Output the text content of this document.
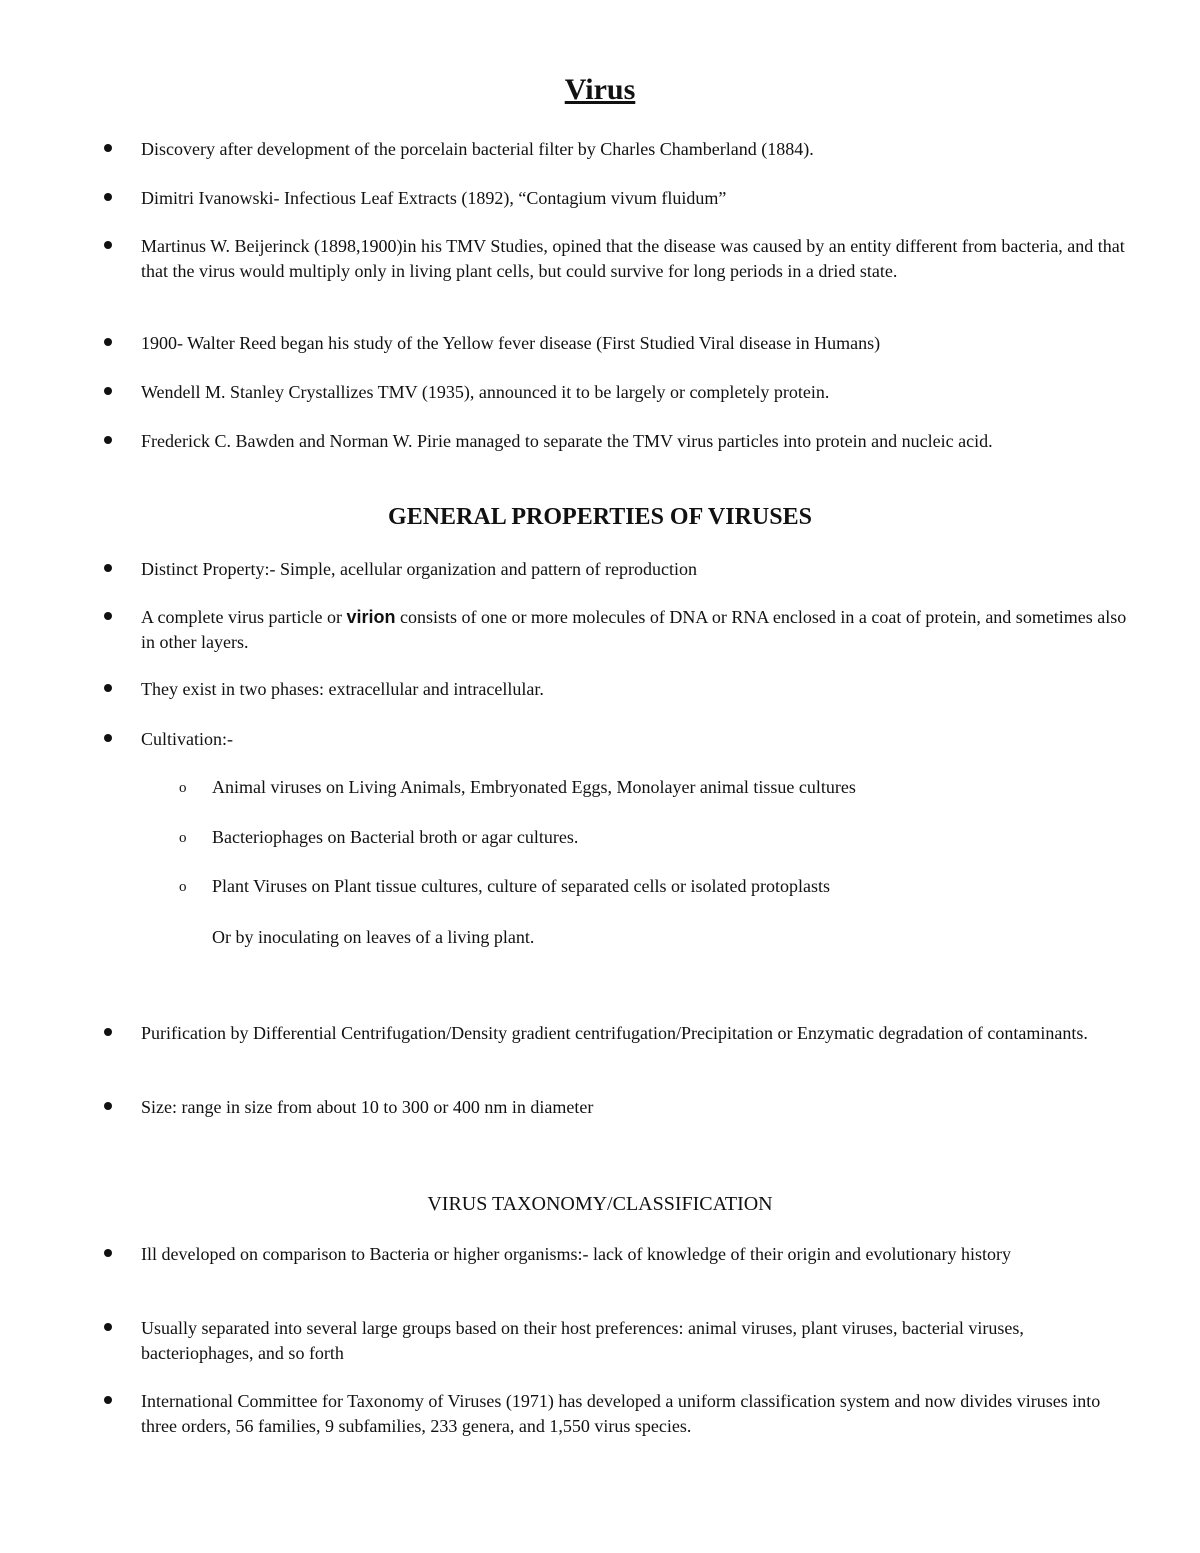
Virus
Discovery after development of the porcelain bacterial filter by Charles Chamberland (1884).
Dimitri Ivanowski- Infectious Leaf Extracts (1892), “Contagium vivum fluidum”
Martinus W. Beijerinck (1898,1900)in his TMV Studies, opined that the disease was caused by an entity different from bacteria, and that that the virus would multiply only in living plant cells, but could survive for long periods in a dried state.
1900- Walter Reed began his study of the Yellow fever disease (First Studied Viral disease in Humans)
Wendell M. Stanley Crystallizes TMV (1935), announced it to be largely or completely protein.
Frederick C. Bawden and Norman W. Pirie managed to separate the TMV virus particles into protein and nucleic acid.
GENERAL PROPERTIES OF VIRUSES
Distinct Property:- Simple, acellular organization and pattern of reproduction
A complete virus particle or virion consists of one or more molecules of DNA or RNA enclosed in a coat of protein, and sometimes also in other layers.
They exist in two phases: extracellular and intracellular.
Cultivation:-
o Animal viruses on Living Animals, Embryonated Eggs, Monolayer animal tissue cultures
o Bacteriophages on Bacterial broth or agar cultures.
o Plant Viruses on Plant tissue cultures, culture of separated cells or isolated protoplasts
Or by inoculating on leaves of a living plant.
Purification by Differential Centrifugation/Density gradient centrifugation/Precipitation or Enzymatic degradation of contaminants.
Size: range in size from about 10 to 300 or 400 nm in diameter
VIRUS TAXONOMY/CLASSIFICATION
Ill developed on comparison to Bacteria or higher organisms:- lack of knowledge of their origin and evolutionary history
Usually separated into several large groups based on their host preferences: animal viruses, plant viruses, bacterial viruses, bacteriophages, and so forth
International Committee for Taxonomy of Viruses (1971) has developed a uniform classification system and now divides viruses into three orders, 56 families, 9 subfamilies, 233 genera, and 1,550 virus species.
